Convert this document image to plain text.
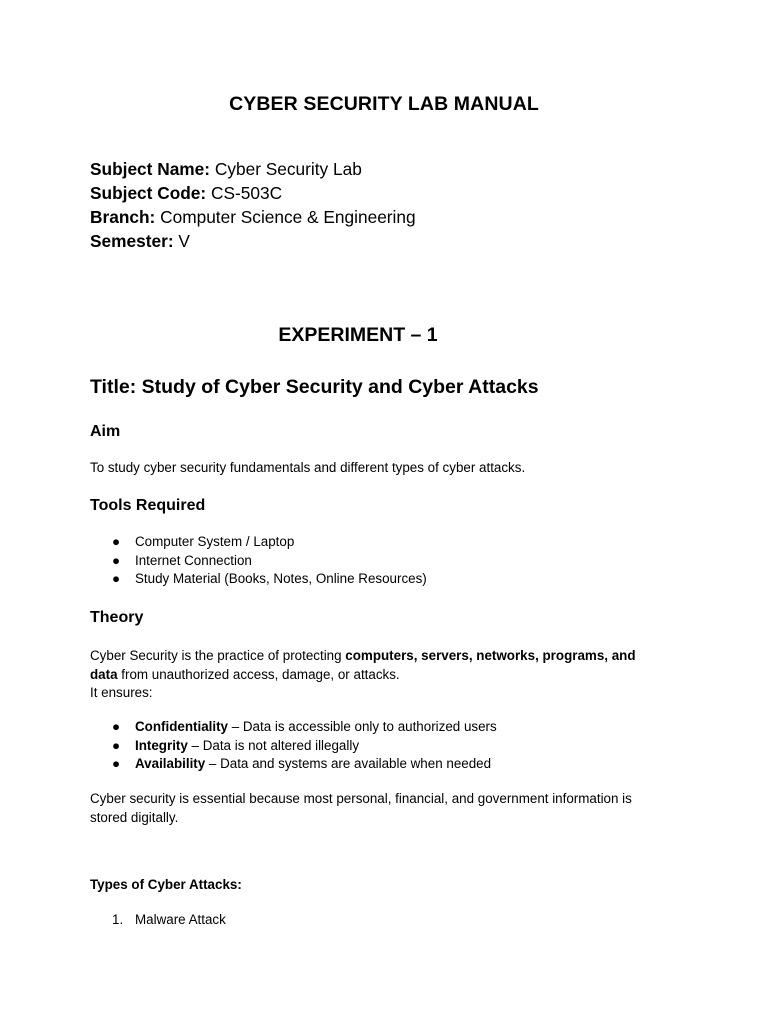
CYBER SECURITY LAB MANUAL
Subject Name: Cyber Security Lab
Subject Code: CS-503C
Branch: Computer Science & Engineering
Semester: V
EXPERIMENT – 1
Title: Study of Cyber Security and Cyber Attacks
Aim

To study cyber security fundamentals and different types of cyber attacks.

Tools Required
● Computer System / Laptop
● Internet Connection
● Study Material (Books, Notes, Online Resources)
Theory
Cyber Security is the practice of protecting computers, servers, networks, programs, and
data from unauthorized access, damage, or attacks.
It ensures:
● Confidentiality – Data is accessible only to authorized users
● Integrity – Data is not altered illegally
● Availability – Data and systems are available when needed
Cyber security is essential because most personal, financial, and government information is
stored digitally.
Types of Cyber Attacks:
1. Malware Attack
